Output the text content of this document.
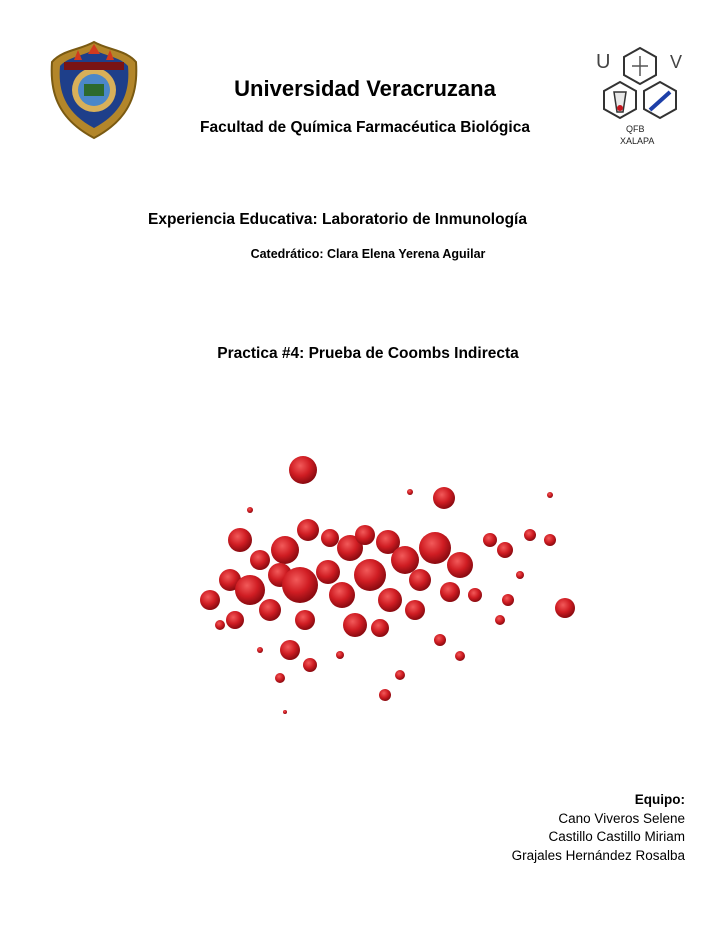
U	V
QFB
XALAPA
Universidad Veracruzana
Facultad de Química Farmacéutica Biológica
Experiencia Educativa: Laboratorio de Inmunología
Catedrático: Clara Elena Yerena Aguilar
Practica #4: Prueba de Coombs Indirecta
Equipo:
Cano Viveros Selene
Castillo Castillo Miriam
Grajales Hernández Rosalba
